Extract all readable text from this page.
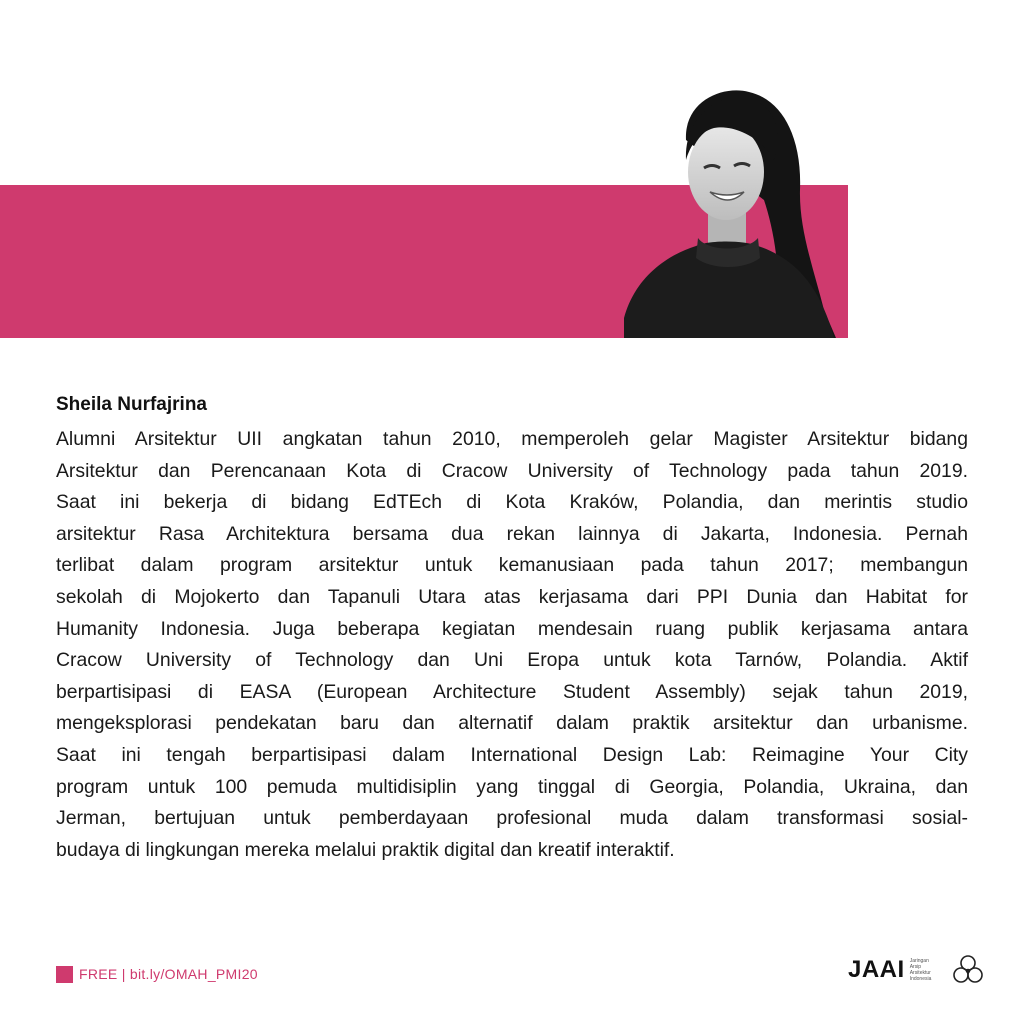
Sheila Nurfajrina
Alumni Arsitektur UII angkatan tahun 2010, memperoleh gelar Magister Arsitektur bidang
Arsitektur dan Perencanaan Kota di Cracow University of Technology pada tahun 2019.
Saat ini bekerja di bidang EdTEch di Kota Kraków, Polandia, dan merintis studio
arsitektur Rasa Architektura bersama dua rekan lainnya di Jakarta, Indonesia. Pernah
terlibat dalam program arsitektur untuk kemanusiaan pada tahun 2017; membangun
sekolah di Mojokerto dan Tapanuli Utara atas kerjasama dari PPI Dunia dan Habitat for
Humanity Indonesia. Juga beberapa kegiatan mendesain ruang publik kerjasama antara
Cracow University of Technology dan Uni Eropa untuk kota Tarnów, Polandia. Aktif
berpartisipasi di EASA (European Architecture Student Assembly) sejak tahun 2019,
mengeksplorasi pendekatan baru dan alternatif dalam praktik arsitektur dan urbanisme.
Saat ini tengah berpartisipasi dalam International Design Lab: Reimagine Your City
program untuk 100 pemuda multidisiplin yang tinggal di Georgia, Polandia, Ukraina, dan
Jerman, bertujuan untuk pemberdayaan profesional muda dalam transformasi sosial-
budaya di lingkungan mereka melalui praktik digital dan kreatif interaktif.
FREE | bit.ly/OMAH_PMI20	JAAI Jaringan
Arsip
Arsitektur
Indonesia
